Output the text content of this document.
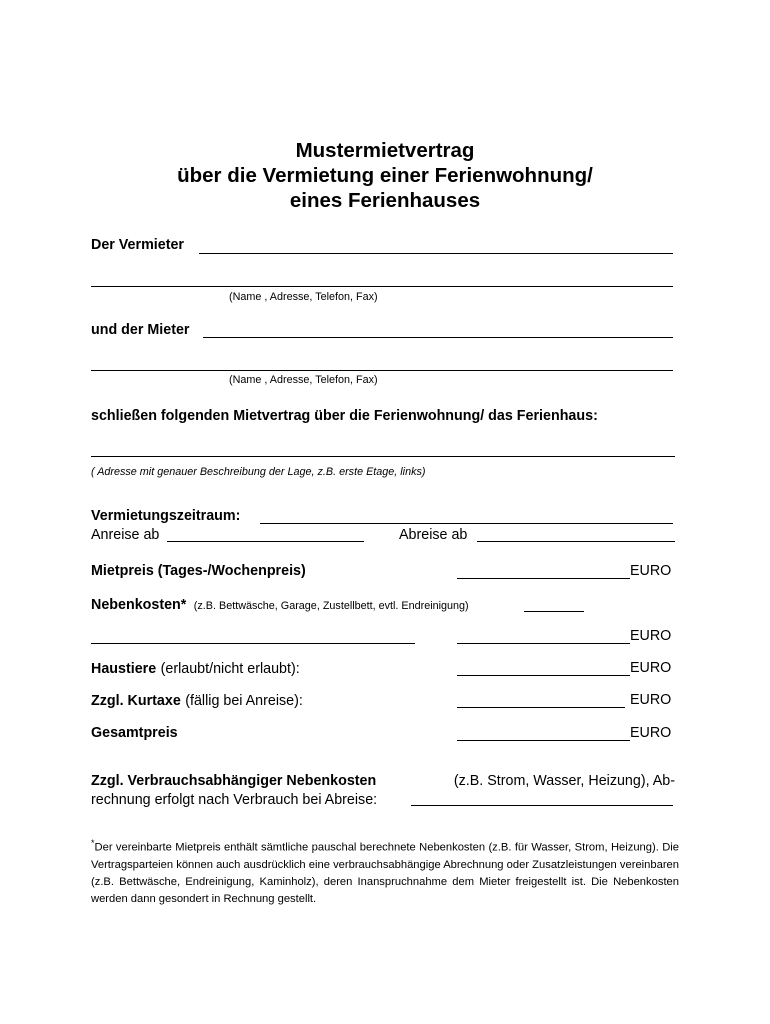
Mustermietvertrag
über die Vermietung einer Ferienwohnung/
eines Ferienhauses
Der Vermieter
(Name , Adresse, Telefon, Fax)
und der Mieter
(Name , Adresse, Telefon, Fax)
schließen folgenden Mietvertrag über die Ferienwohnung/ das Ferienhaus:
( Adresse mit genauer Beschreibung der Lage, z.B. erste Etage, links)
Vermietungszeitraum:
Anreise ab	Abreise ab
Mietpreis (Tages-/Wochenpreis)	EURO
Nebenkosten* (z.B. Bettwäsche, Garage, Zustellbett, evtl. Endreinigung)
EURO
Haustiere (erlaubt/nicht erlaubt):	EURO
Zzgl. Kurtaxe (fällig bei Anreise):	EURO
Gesamtpreis	EURO
Zzgl. Verbrauchsabhängiger Nebenkosten	(z.B. Strom, Wasser, Heizung), Ab-
rechnung erfolgt nach Verbrauch bei Abreise:
*Der vereinbarte Mietpreis enthält sämtliche pauschal berechnete Nebenkosten (z.B. für Wasser, Strom, Heizung). Die Vertragsparteien können auch ausdrücklich eine verbrauchsabhängige Abrechnung oder Zusatzleistungen vereinbaren (z.B. Bettwäsche, Endreinigung, Kaminholz), deren Inanspruchnahme dem Mieter freigestellt ist. Die Nebenkosten werden dann gesondert in Rechnung gestellt.
